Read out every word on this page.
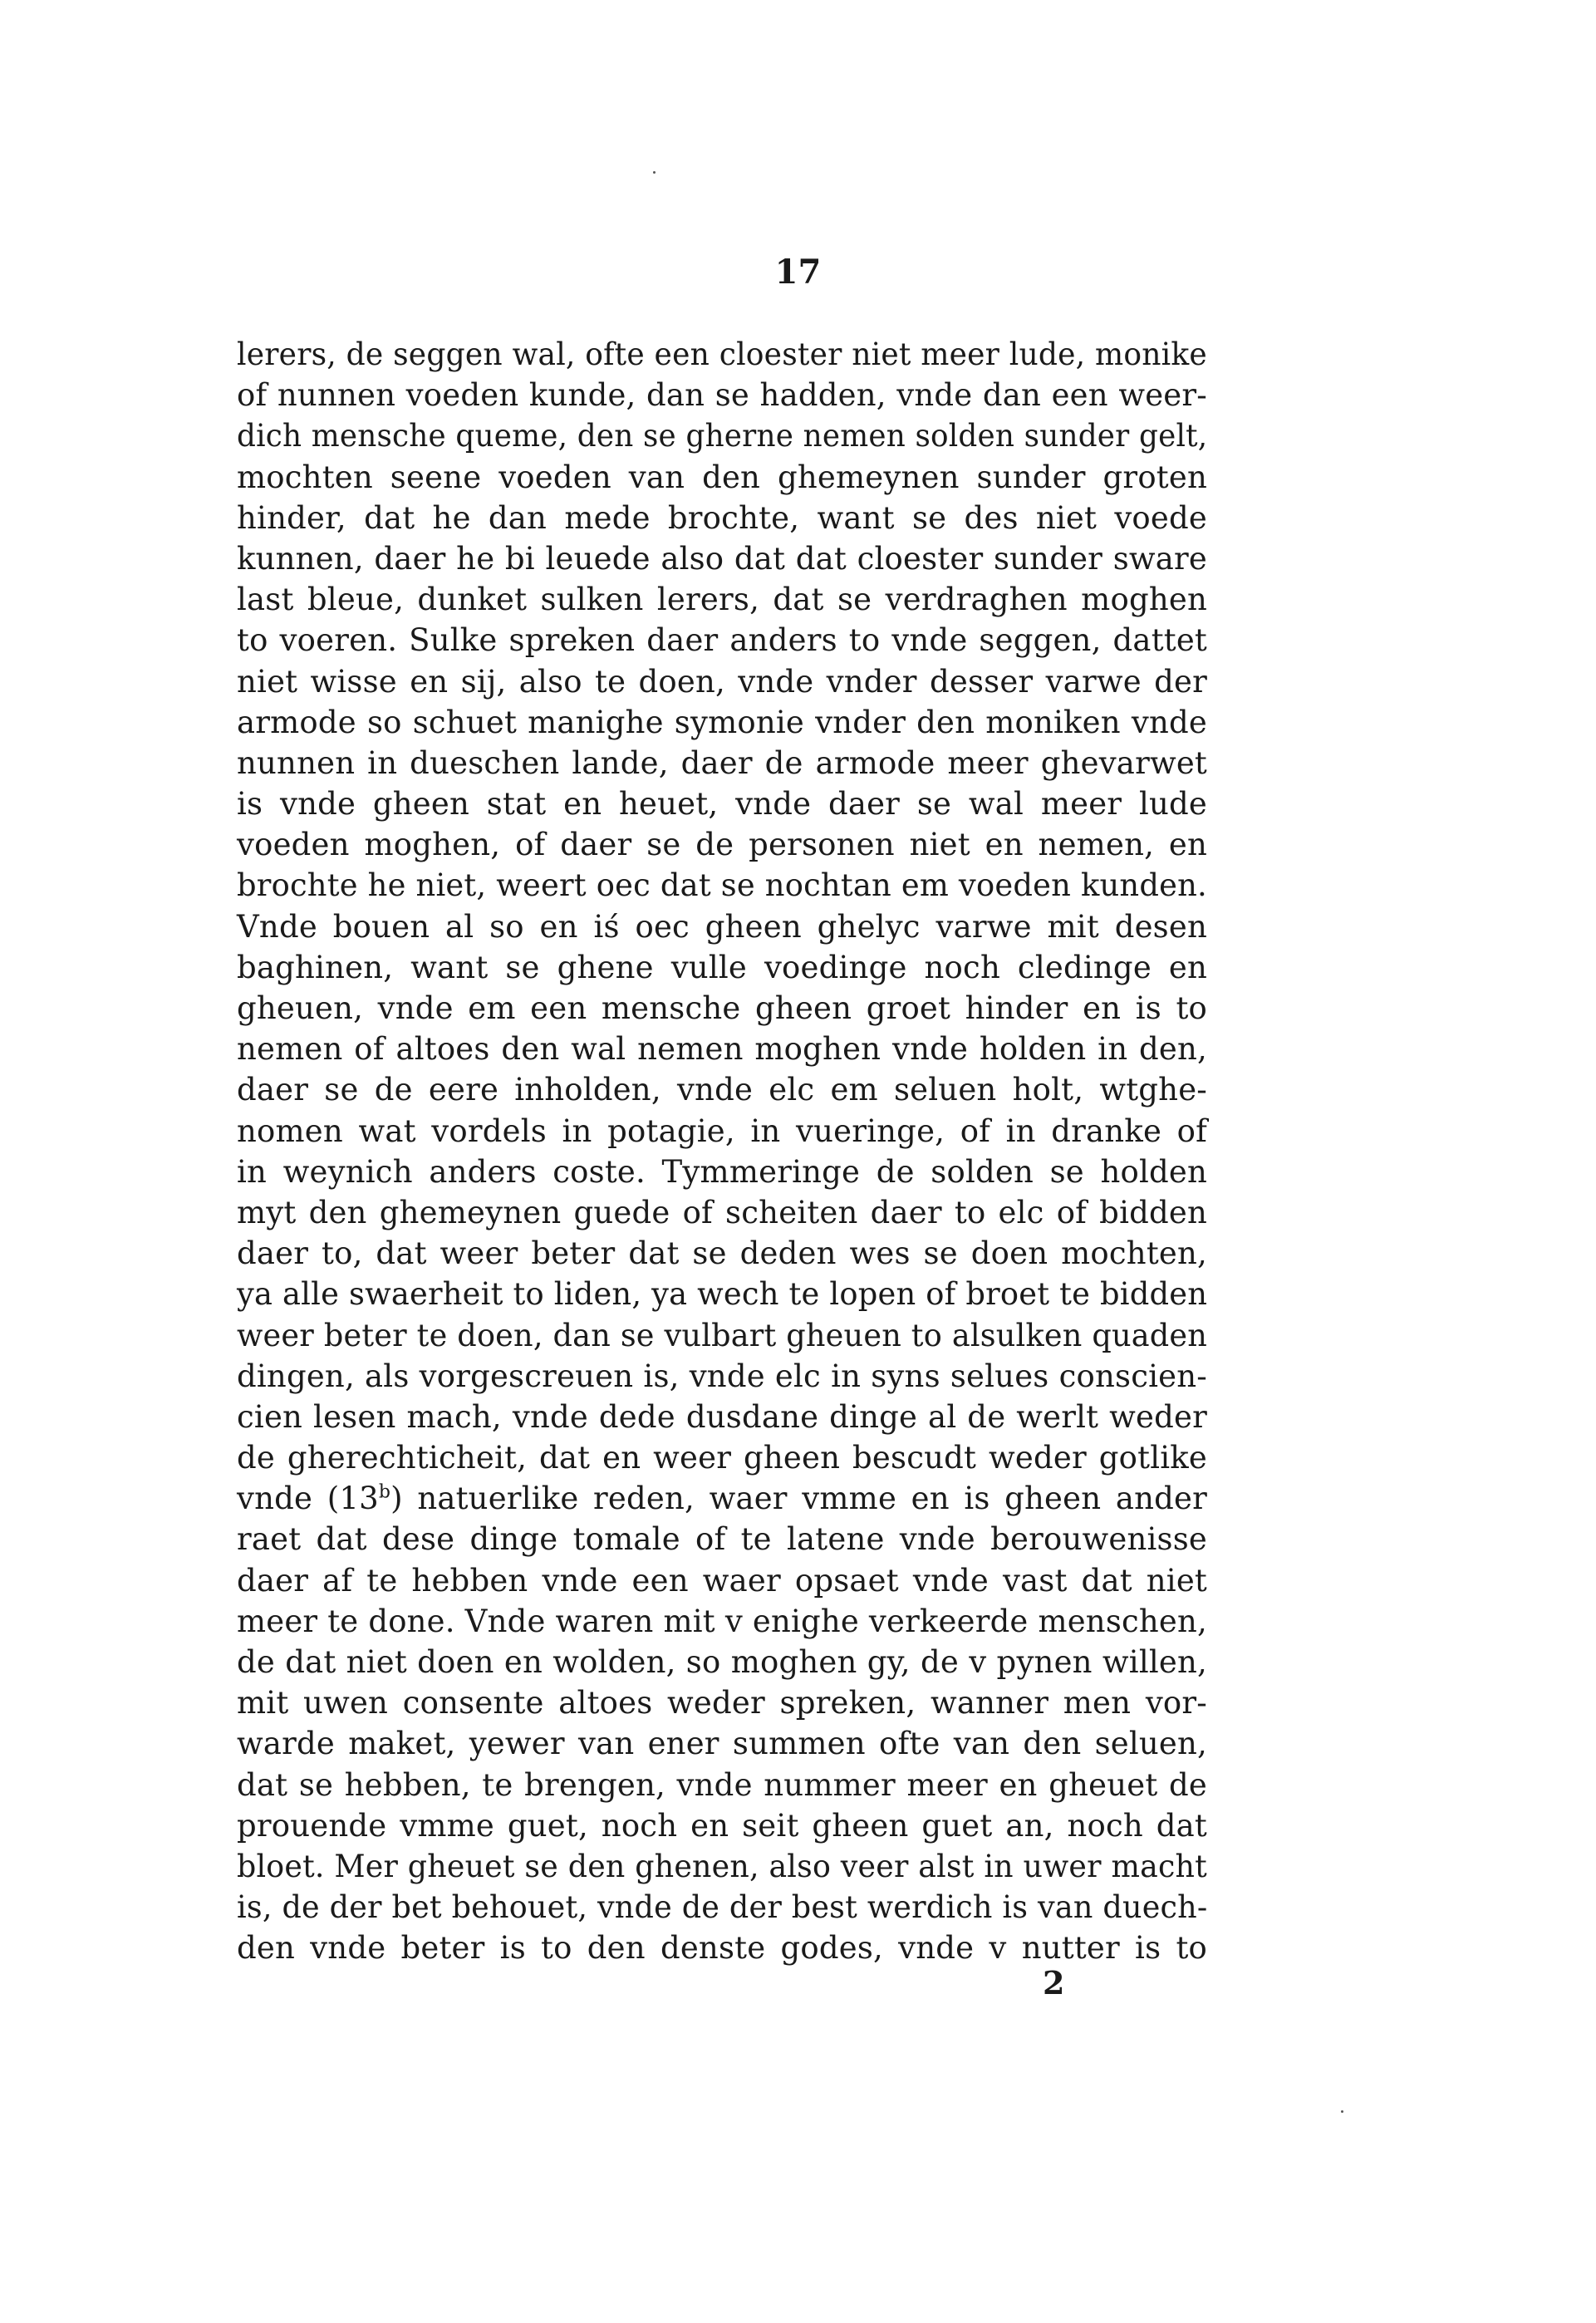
17
lerers, de seggen wal, ofte een cloester niet meer lude, monike
of nunnen voeden kunde, dan se hadden, vnde dan een weer-
dich mensche queme, den se gherne nemen solden sunder gelt,
mochten seene voeden van den ghemeynen sunder groten
hinder, dat he dan mede brochte, want se des niet voede
kunnen, daer he bi leuede also dat dat cloester sunder sware
last bleue, dunket sulken lerers, dat se verdraghen moghen
to voeren. Sulke spreken daer anders to vnde seggen, dattet
niet wisse en sij, also te doen, vnde vnder desser varwe der
armode so schuet manighe symonie vnder den moniken vnde
nunnen in dueschen lande, daer de armode meer ghevarwet
is vnde gheen stat en heuet, vnde daer se wal meer lude
voeden moghen, of daer se de personen niet en nemen, en
brochte he niet, weert oec dat se nochtan em voeden kunden.
Vnde bouen al so en iś oec gheen ghelyc varwe mit desen
baghinen, want se ghene vulle voedinge noch cledinge en
gheuen, vnde em een mensche gheen groet hinder en is to
nemen of altoes den wal nemen moghen vnde holden in den,
daer se de eere inholden, vnde elc em seluen holt, wtghe-
nomen wat vordels in potagie, in vueringe, of in dranke of
in weynich anders coste. Tymmeringe de solden se holden
myt den ghemeynen guede of scheiten daer to elc of bidden
daer to, dat weer beter dat se deden wes se doen mochten,
ya alle swaerheit to liden, ya wech te lopen of broet te bidden
weer beter te doen, dan se vulbart gheuen to alsulken quaden
dingen, als vorgescreuen is, vnde elc in syns selues conscien-
cien lesen mach, vnde dede dusdane dinge al de werlt weder
de gherechticheit, dat en weer gheen bescudt weder gotlike
vnde (13$^b$) natuerlike reden, waer vmme en is gheen ander
raet dat dese dinge tomale of te latene vnde berouwenisse
daer af te hebben vnde een waer opsaet vnde vast dat niet
meer te done. Vnde waren mit v enighe verkeerde menschen,
de dat niet doen en wolden, so moghen gy, de v pynen willen,
mit uwen consente altoes weder spreken, wanner men vor-
warde maket, yewer van ener summen ofte van den seluen,
dat se hebben, te brengen, vnde nummer meer en gheuet de
prouende vmme guet, noch en seit gheen guet an, noch dat
bloet. Mer gheuet se den ghenen, also veer alst in uwer macht
is, de der bet behouet, vnde de der best werdich is van duech-
den vnde beter is to den denste godes, vnde v nutter is to
2
